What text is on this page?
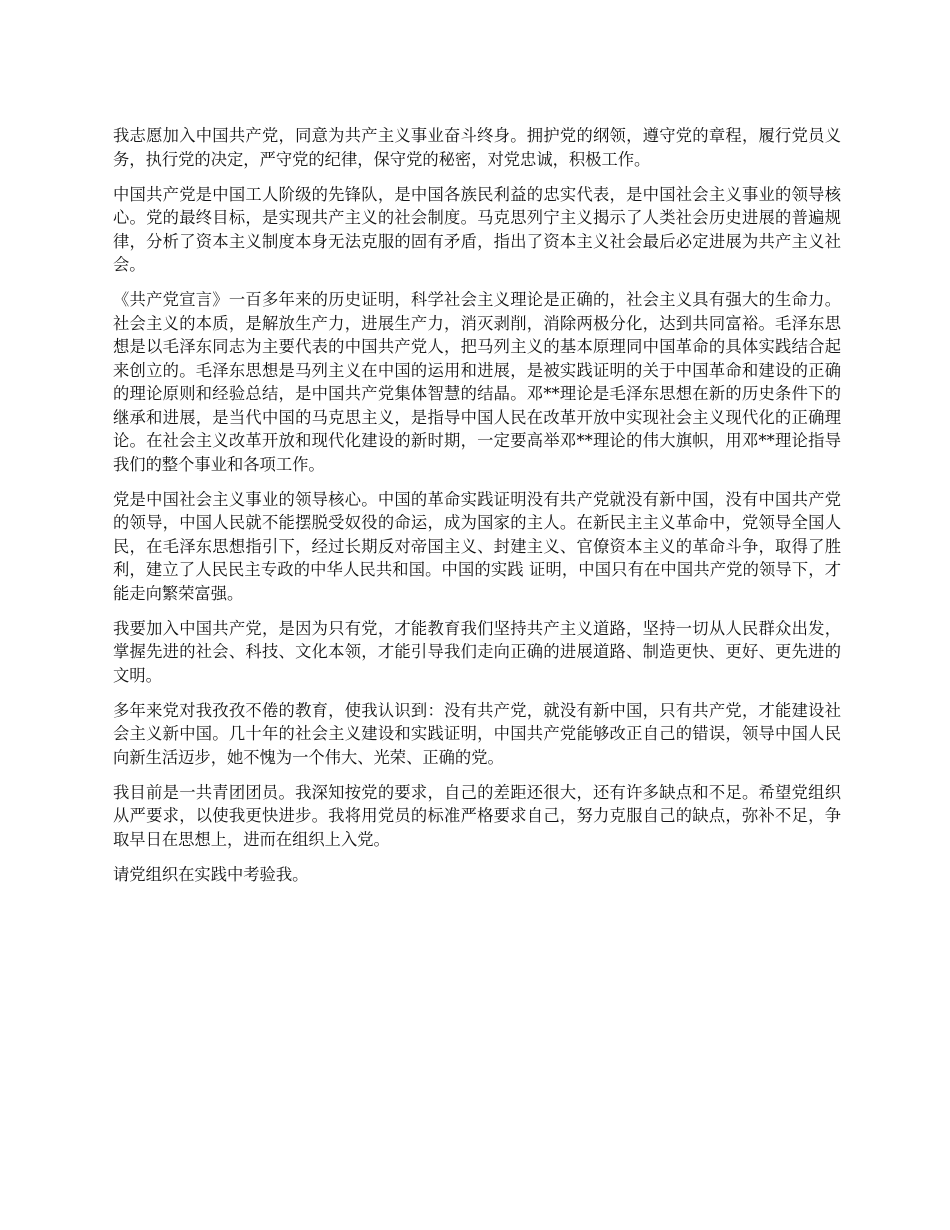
我志愿加入中国共产党，同意为共产主义事业奋斗终身。拥护党的纲领，遵守党的章程，履行党员义务，执行党的决定，严守党的纪律，保守党的秘密，对党忠诚，积极工作。

中国共产党是中国工人阶级的先锋队，是中国各族民利益的忠实代表，是中国社会主义事业的领导核心。党的最终目标，是实现共产主义的社会制度。马克思列宁主义揭示了人类社会历史进展的普遍规律，分析了资本主义制度本身无法克服的固有矛盾，指出了资本主义社会最后必定进展为共产主义社会。

《共产党宣言》一百多年来的历史证明，科学社会主义理论是正确的，社会主义具有强大的生命力。社会主义的本质，是解放生产力，进展生产力，消灭剥削，消除两极分化，达到共同富裕。毛泽东思想是以毛泽东同志为主要代表的中国共产党人，把马列主义的基本原理同中国革命的具体实践结合起来创立的。毛泽东思想是马列主义在中国的运用和进展，是被实践证明的关于中国革命和建设的正确的理论原则和经验总结，是中国共产党集体智慧的结晶。邓**理论是毛泽东思想在新的历史条件下的继承和进展，是当代中国的马克思主义，是指导中国人民在改革开放中实现社会主义现代化的正确理论。在社会主义改革开放和现代化建设的新时期，一定要高举邓**理论的伟大旗帜，用邓**理论指导我们的整个事业和各项工作。

党是中国社会主义事业的领导核心。中国的革命实践证明没有共产党就没有新中国，没有中国共产党的领导，中国人民就不能摆脱受奴役的命运，成为国家的主人。在新民主主义革命中，党领导全国人民，在毛泽东思想指引下，经过长期反对帝国主义、封建主义、官僚资本主义的革命斗争，取得了胜利，建立了人民民主专政的中华人民共和国。中国的实践 证明，中国只有在中国共产党的领导下，才能走向繁荣富强。

我要加入中国共产党，是因为只有党，才能教育我们坚持共产主义道路，坚持一切从人民群众出发，掌握先进的社会、科技、文化本领，才能引导我们走向正确的进展道路、制造更快、更好、更先进的文明。

多年来党对我孜孜不倦的教育，使我认识到：没有共产党，就没有新中国，只有共产党，才能建设社会主义新中国。几十年的社会主义建设和实践证明，中国共产党能够改正自己的错误，领导中国人民向新生活迈步，她不愧为一个伟大、光荣、正确的党。

我目前是一共青团团员。我深知按党的要求，自己的差距还很大，还有许多缺点和不足。希望党组织从严要求，以使我更快进步。我将用党员的标准严格要求自己，努力克服自己的缺点，弥补不足，争取早日在思想上，进而在组织上入党。

请党组织在实践中考验我。
